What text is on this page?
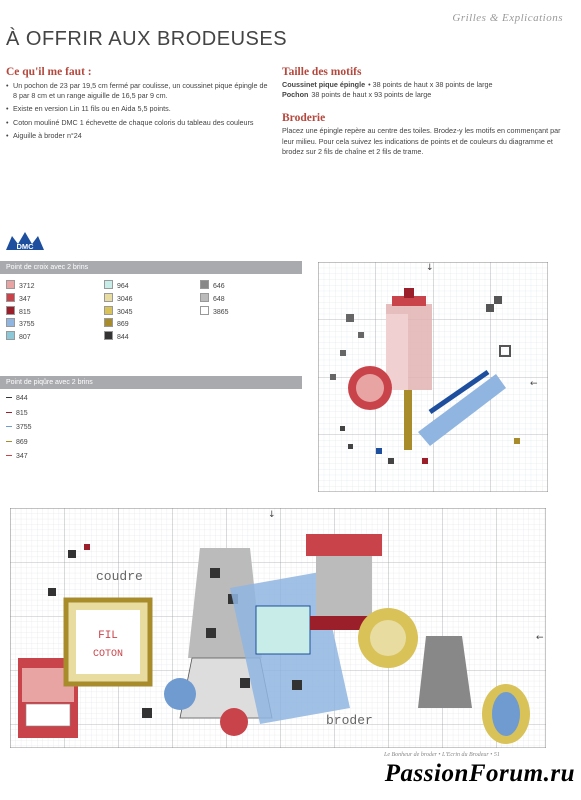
Grilles & Explications
À OFFRIR AUX BRODEUSES
Ce qu'il me faut :
• Un pochon de 23 par 19,5 cm fermé par coulisse, un coussinet pique épingle de 8 par 8 cm et un range aiguille de 16,5 par 9 cm.
• Existe en version Lin 11 fils ou en Aida 5,5 points.
• Coton mouliné DMC 1 échevette de chaque coloris du tableau des couleurs
• Aiguille à broder n°24
Taille des motifs
Coussinet pique épingle • 38 points de haut x 38 points de large
Pochon 38 points de haut x 93 points de large
Broderie
Placez une épingle repère au centre des toiles. Brodez-y les motifs en commençant par leur milieu. Pour cela suivez les indications de points et de couleurs du diagramme et brodez sur 2 fils de chaîne et 2 fils de trame.
DMC
Point de croix avec 2 brins
3712
347
815
3755
807
964
3046
3045
869
844
646
648
3865
Point de piqûre avec 2 brins
844
815
3755
869
347
↓
←
FIL
COTON
coudre
broder
↓
←
Le Bonheur de broder • L'Ecrin du Brodeur • 51
PassionForum.ru
